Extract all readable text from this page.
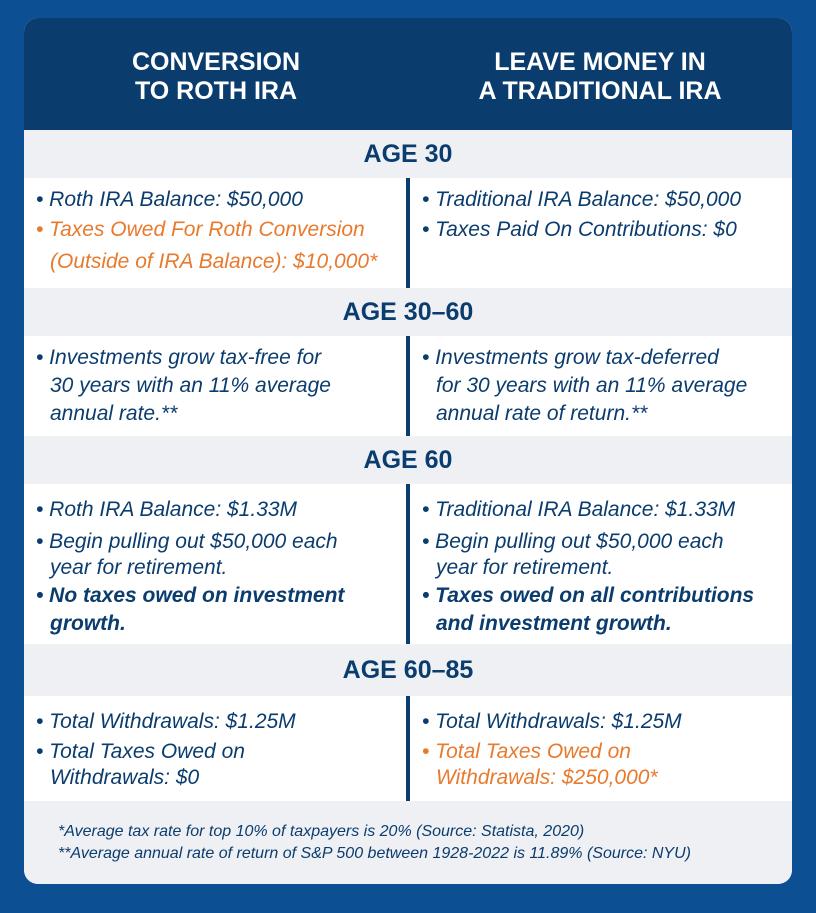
CONVERSION
TO ROTH IRA
LEAVE MONEY IN
A TRADITIONAL IRA
AGE 30
• Roth IRA Balance: $50,000
• Taxes Owed For Roth Conversion
(Outside of IRA Balance): $10,000*
• Traditional IRA Balance: $50,000
• Taxes Paid On Contributions: $0
AGE 30–60
• Investments grow tax-free for
30 years with an 11% average
annual rate.**
• Investments grow tax-deferred
for 30 years with an 11% average
annual rate of return.**
AGE 60
• Roth IRA Balance: $1.33M
• Begin pulling out $50,000 each
year for retirement.
• No taxes owed on investment
growth.
• Traditional IRA Balance: $1.33M
• Begin pulling out $50,000 each
year for retirement.
• Taxes owed on all contributions
and investment growth.
AGE 60–85
• Total Withdrawals: $1.25M
• Total Taxes Owed on
Withdrawals: $0
• Total Withdrawals: $1.25M
• Total Taxes Owed on
Withdrawals: $250,000*
*Average tax rate for top 10% of taxpayers is 20% (Source: Statista, 2020)
**Average annual rate of return of S&P 500 between 1928-2022 is 11.89% (Source: NYU)
